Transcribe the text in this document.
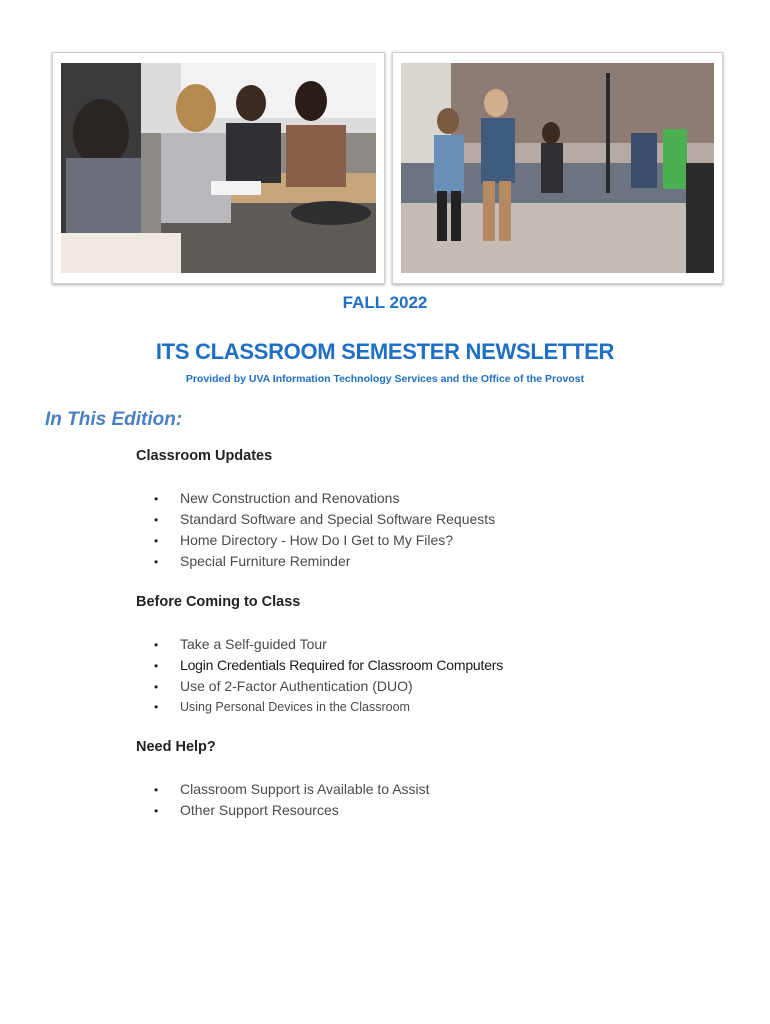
FALL 2022
ITS CLASSROOM SEMESTER NEWSLETTER
Provided by UVA Information Technology Services and the Office of the Provost
In This Edition:
Classroom Updates
• New Construction and Renovations
• Standard Software and Special Software Requests
• Home Directory - How Do I Get to My Files?
• Special Furniture Reminder
Before Coming to Class
• Take a Self-guided Tour
• Login Credentials Required for Classroom Computers
• Use of 2-Factor Authentication (DUO)
• Using Personal Devices in the Classroom
Need Help?
• Classroom Support is Available to Assist
• Other Support Resources
